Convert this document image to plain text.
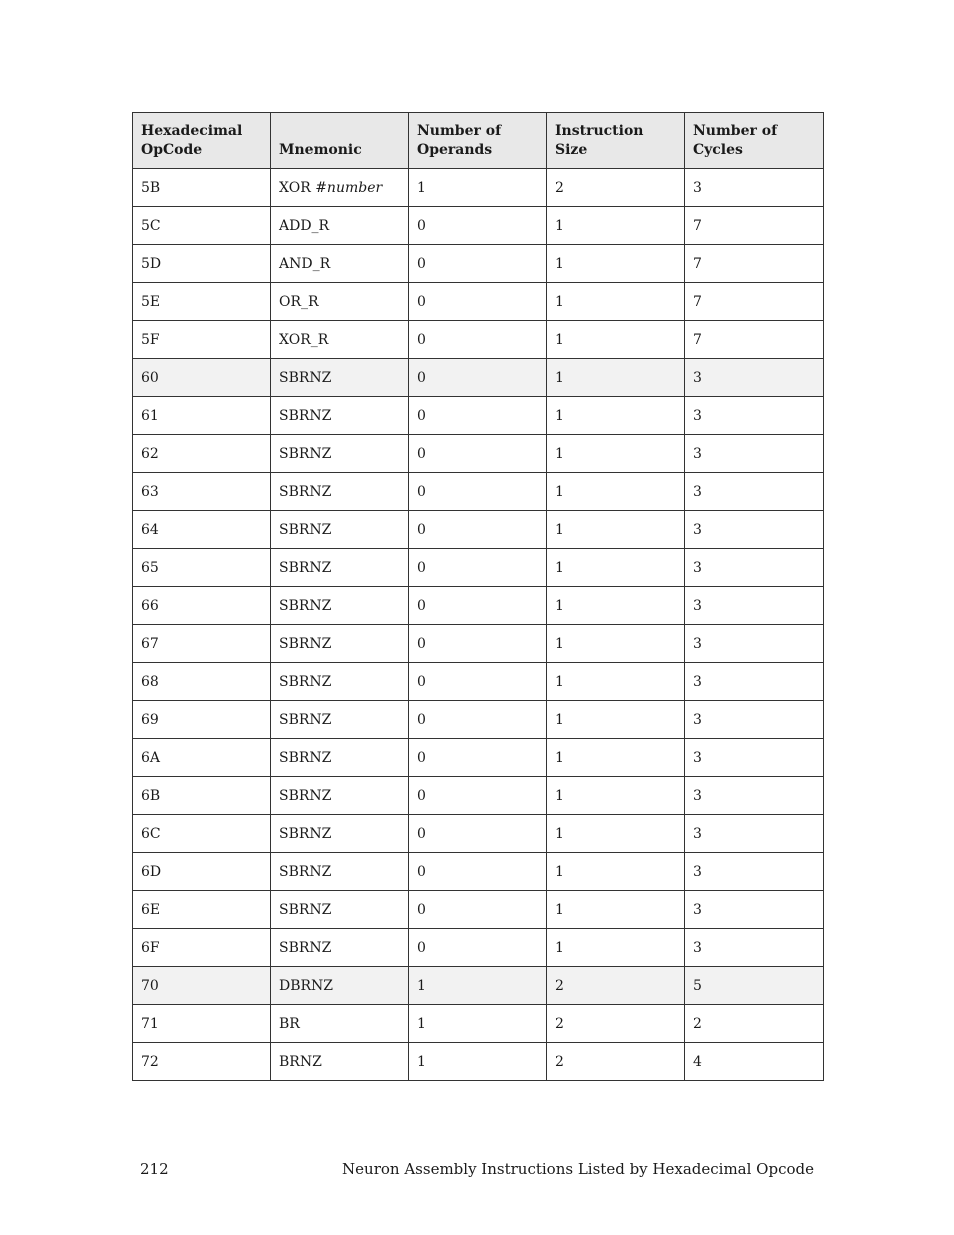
Hexadecimal OpCode	Mnemonic	Number of Operands	Instruction Size	Number of Cycles
5B	XOR #number	1	2	3
5C	ADD_R	0	1	7
5D	AND_R	0	1	7
5E	OR_R	0	1	7
5F	XOR_R	0	1	7
60	SBRNZ	0	1	3
61	SBRNZ	0	1	3
62	SBRNZ	0	1	3
63	SBRNZ	0	1	3
64	SBRNZ	0	1	3
65	SBRNZ	0	1	3
66	SBRNZ	0	1	3
67	SBRNZ	0	1	3
68	SBRNZ	0	1	3
69	SBRNZ	0	1	3
6A	SBRNZ	0	1	3
6B	SBRNZ	0	1	3
6C	SBRNZ	0	1	3
6D	SBRNZ	0	1	3
6E	SBRNZ	0	1	3
6F	SBRNZ	0	1	3
70	DBRNZ	1	2	5
71	BR	1	2	2
72	BRNZ	1	2	4
212	Neuron Assembly Instructions Listed by Hexadecimal Opcode
